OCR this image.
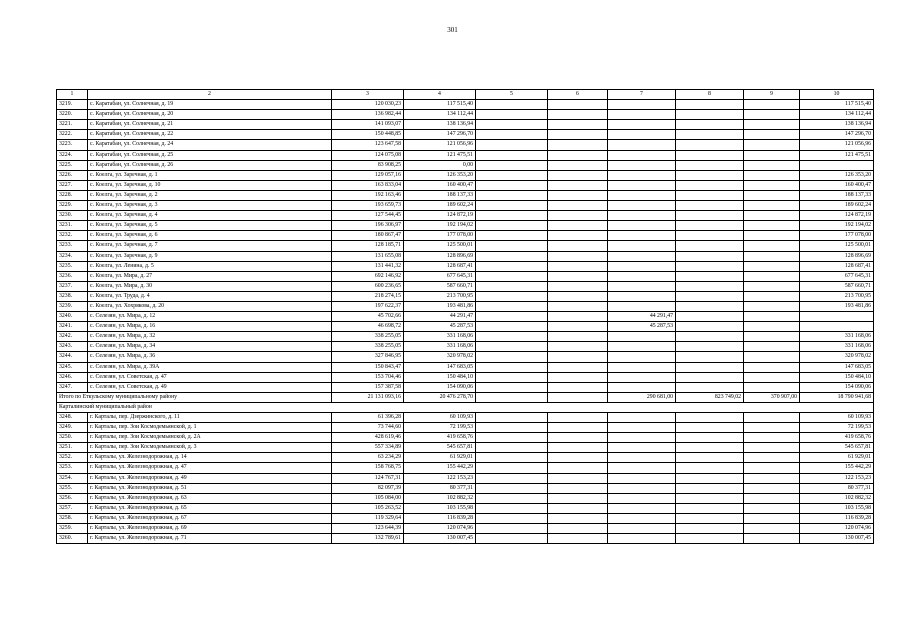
301
1	2	3	4	5	6	7	8	9	10
3219.	с. Каратабан, ул. Солнечная, д. 19	120 030,23	117 515,40						117 515,40
3220.	с. Каратабан, ул. Солнечная, д. 20	136 982,44	134 112,44						134 112,44
3221.	с. Каратабан, ул. Солнечная, д. 21	141 093,07	138 136,94						138 136,94
3222.	с. Каратабан, ул. Солнечная, д. 22	150 448,85	147 296,70						147 296,70
3223.	с. Каратабан, ул. Солнечная, д. 24	123 647,58	121 056,96						121 056,96
3224.	с. Каратабан, ул. Солнечная, д. 25	124 075,08	121 475,51						121 475,51
3225.	с. Каратабан, ул. Солнечная, д. 26	83 908,25	0,00						
3226.	с. Коелга, ул. Заречная, д. 1	129 057,16	126 353,20						126 353,20
3227.	с. Коелга, ул. Заречная, д. 10	163 833,04	160 400,47						160 400,47
3228.	с. Коелга, ул. Заречная, д. 2	192 163,46	188 137,33						188 137,33
3229.	с. Коелга, ул. Заречная, д. 3	193 659,73	189 602,24						189 602,24
3230.	с. Коелга, ул. Заречная, д. 4	127 544,45	124 872,19						124 872,19
3231.	с. Коелга, ул. Заречная, д. 5	196 306,97	192 194,02						192 194,02
3232.	с. Коелга, ул. Заречная, д. 6	180 867,47	177 078,00						177 078,00
3233.	с. Коелга, ул. Заречная, д. 7	128 185,71	125 500,01						125 500,01
3234.	с. Коелга, ул. Заречная, д. 9	131 655,08	128 896,69						128 896,69
3235.	с. Коелга, ул. Ленина, д. 5	131 441,32	128 687,41						128 687,41
3236.	с. Коелга, ул. Мира, д. 27	692 146,92	677 645,31						677 645,31
3237.	с. Коелга, ул. Мира, д. 30	600 236,65	587 660,71						587 660,71
3238.	с. Коелга, ул. Труда, д. 4	218 274,15	213 700,95						213 700,95
3239.	с. Коелга, ул. Хохрякова, д. 20	197 622,37	193 481,86						193 481,86
3240.	с. Селезян, ул. Мира, д. 12	45 702,66	44 291,47			44 291,47			
3241.	с. Селезян, ул. Мира, д. 16	46 698,72	45 287,53			45 287,53			
3242.	с. Селезян, ул. Мира, д. 32	338 255,05	331 168,06						331 168,06
3243.	с. Селезян, ул. Мира, д. 34	338 255,05	331 168,06						331 168,06
3244.	с. Селезян, ул. Мира, д. 36	327 846,95	320 978,02						320 978,02
3245.	с. Селезян, ул. Мира, д. 39А	150 843,47	147 683,05						147 683,05
3246.	с. Селезян, ул. Советская, д. 47	153 704,46	150 484,10						150 484,10
3247.	с. Селезян, ул. Советская, д. 49	157 387,58	154 090,06						154 090,06
Итого по Еткульскому муниципальному району		21 131 093,16	20 476 278,70			290 681,00	823 749,02	370 907,00	18 790 941,68
Карталинский муниципальный район									
3248.	г. Карталы, пер. Дзержинского, д. 11	61 396,28	60 109,93						60 109,93
3249.	г. Карталы, пер. Зои Космодемьянской, д. 1	73 744,60	72 199,53						72 199,53
3250.	г. Карталы, пер. Зои Космодемьянской, д. 2А	428 619,46	419 658,76						419 658,76
3251.	г. Карталы, пер. Зои Космодемьянской, д. 3	557 334,89	545 657,81						545 657,81
3252.	г. Карталы, ул. Железнодорожная, д. 14	63 234,29	61 929,01						61 929,01
3253.	г. Карталы, ул. Железнодорожная, д. 47	158 768,75	155 442,29						155 442,29
3254.	г. Карталы, ул. Железнодорожная, д. 49	124 767,31	122 153,23						122 153,23
3255.	г. Карталы, ул. Железнодорожная, д. 51	82 097,39	80 377,31						80 377,31
3256.	г. Карталы, ул. Железнодорожная, д. 63	105 084,00	102 882,32						102 882,32
3257.	г. Карталы, ул. Железнодорожная, д. 65	105 263,52	103 155,98						103 155,98
3258.	г. Карталы, ул. Железнодорожная, д. 67	119 329,64	116 839,28						116 839,28
3259.	г. Карталы, ул. Железнодорожная, д. 69	123 644,39	120 074,96						120 074,96
3260.	г. Карталы, ул. Железнодорожная, д. 71	132 789,61	130 007,45						130 007,45
